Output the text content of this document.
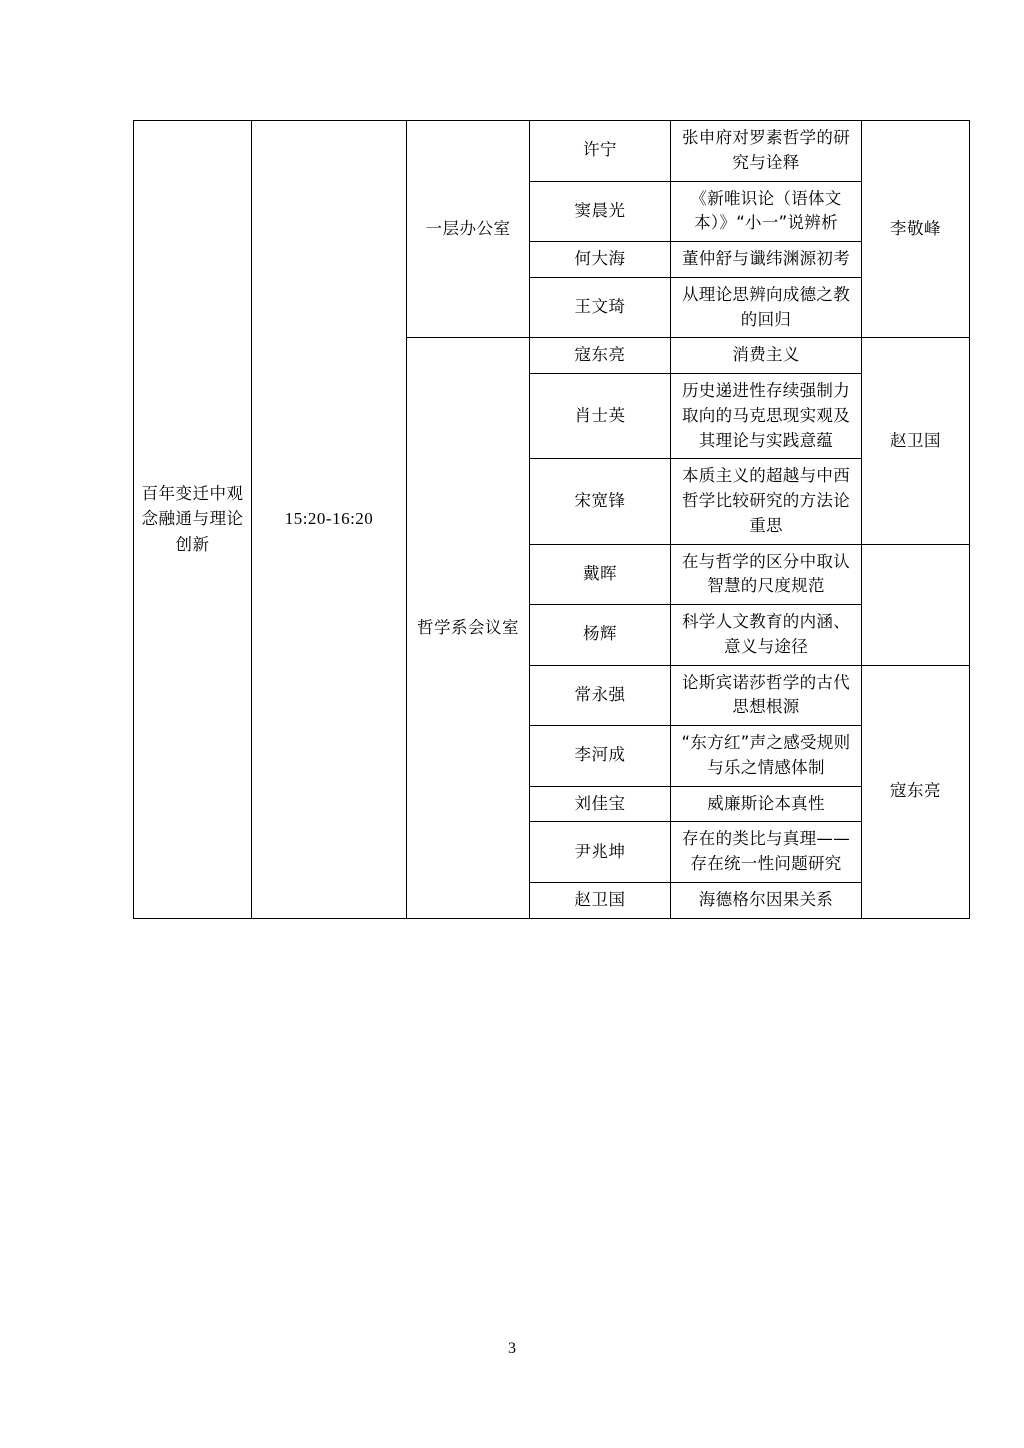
百年变迁中观念融通与理论创新	15:20-16:20	一层办公室	许宁	张申府对罗素哲学的研究与诠释	李敬峰
			窦晨光	《新唯识论（语体文本）》“小一”说辨析	

			何大海	董仲舒与谶纬渊源初考	

			王文琦	从理论思辨向成德之教的回归	

		哲学系会议室	寇东亮	消费主义	赵卫国
			肖士英	历史递进性存续强制力取向的马克思现实观及其理论与实践意蕴	

			宋宽锋	本质主义的超越与中西哲学比较研究的方法论重思	

			戴晖	在与哲学的区分中取认智慧的尺度规范	

			杨辉	科学人文教育的内涵、意义与途径	

			常永强	论斯宾诺莎哲学的古代思想根源	寇东亮
			李河成	“东方红”声之感受规则与乐之情感体制	

			刘佳宝	威廉斯论本真性	

			尹兆坤	存在的类比与真理——存在统一性问题研究	

			赵卫国	海德格尔因果关系	
3
